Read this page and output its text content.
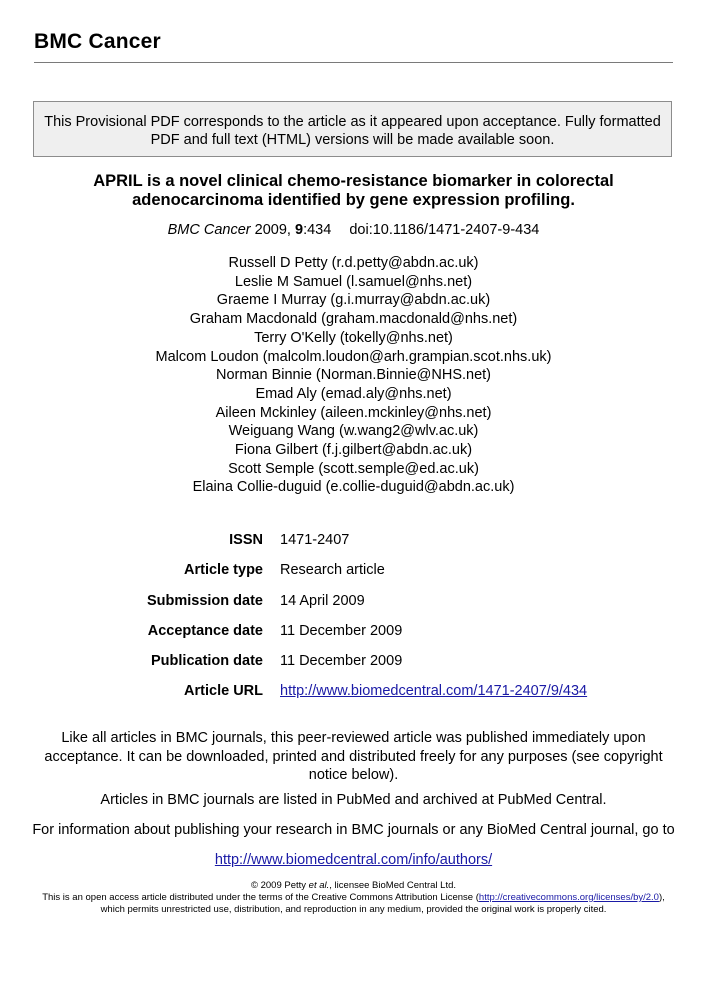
BMC Cancer
This Provisional PDF corresponds to the article as it appeared upon acceptance. Fully formatted
PDF and full text (HTML) versions will be made available soon.
APRIL is a novel clinical chemo-resistance biomarker in colorectal
adenocarcinoma identified by gene expression profiling.
BMC Cancer 2009, 9:434 doi:10.1186/1471-2407-9-434
Russell D Petty (r.d.petty@abdn.ac.uk)
Leslie M Samuel (l.samuel@nhs.net)
Graeme I Murray (g.i.murray@abdn.ac.uk)
Graham Macdonald (graham.macdonald@nhs.net)
Terry O'Kelly (tokelly@nhs.net)
Malcom Loudon (malcolm.loudon@arh.grampian.scot.nhs.uk)
Norman Binnie (Norman.Binnie@NHS.net)
Emad Aly (emad.aly@nhs.net)
Aileen Mckinley (aileen.mckinley@nhs.net)
Weiguang Wang (w.wang2@wlv.ac.uk)
Fiona Gilbert (f.j.gilbert@abdn.ac.uk)
Scott Semple (scott.semple@ed.ac.uk)
Elaina Collie-duguid (e.collie-duguid@abdn.ac.uk)
ISSN 1471-2407
Article type Research article
Submission date 14 April 2009
Acceptance date 11 December 2009
Publication date 11 December 2009
Article URL http://www.biomedcentral.com/1471-2407/9/434
Like all articles in BMC journals, this peer-reviewed article was published immediately upon
acceptance. It can be downloaded, printed and distributed freely for any purposes (see copyright
notice below).
Articles in BMC journals are listed in PubMed and archived at PubMed Central.
For information about publishing your research in BMC journals or any BioMed Central journal, go to
http://www.biomedcentral.com/info/authors/
© 2009 Petty et al., licensee BioMed Central Ltd.
This is an open access article distributed under the terms of the Creative Commons Attribution License (http://creativecommons.org/licenses/by/2.0),
which permits unrestricted use, distribution, and reproduction in any medium, provided the original work is properly cited.
